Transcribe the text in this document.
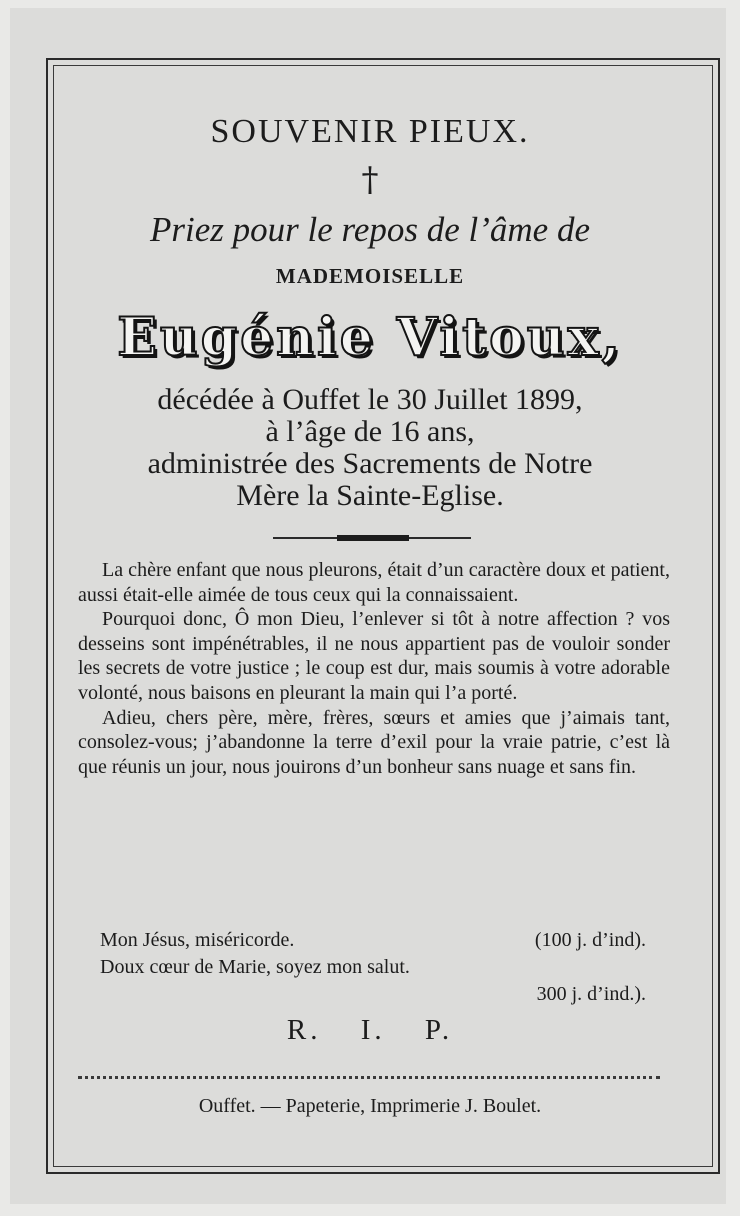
SOUVENIR PIEUX.
†
Priez pour le repos de l’âme de
MADEMOISELLE
Eugénie Vitoux,
décédée à Ouffet le 30 Juillet 1899,
à l’âge de 16 ans,
administrée des Sacrements de Notre
Mère la Sainte-Eglise.

La chère enfant que nous pleurons, était d’un caractère doux et patient, aussi était-elle aimée de tous ceux qui la connaissaient.

Pourquoi donc, Ô mon Dieu, l’enlever si tôt à notre affection ? vos desseins sont impénétrables, il ne nous appartient pas de vouloir sonder les secrets de votre justice ; le coup est dur, mais soumis à votre adorable volonté, nous baisons en pleurant la main qui l’a porté.

Adieu, chers père, mère, frères, sœurs et amies que j’aimais tant, consolez-vous; j’abandonne la terre d’exil pour la vraie patrie, c’est là que réunis un jour, nous jouirons d’un bonheur sans nuage et sans fin.

Mon Jésus, miséricorde.	(100 j. d’ind).
Doux cœur de Marie, soyez mon salut.
300 j. d’ind.).
R. I. P.
Ouffet. — Papeterie, Imprimerie J. Boulet.
